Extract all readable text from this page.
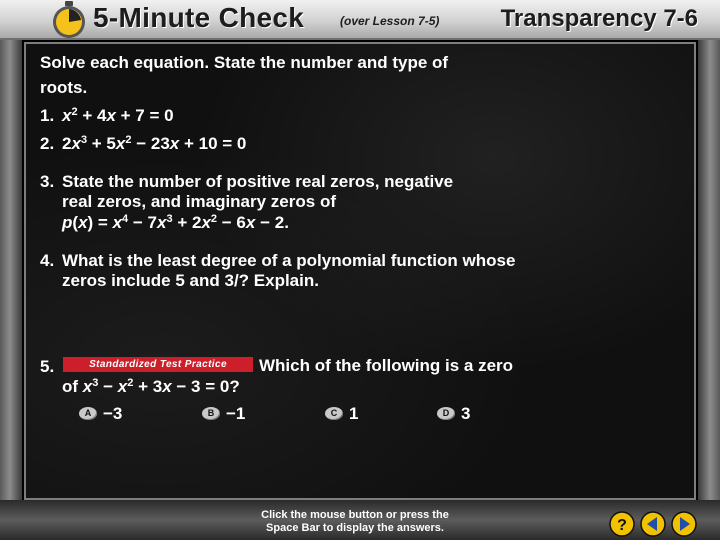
5-Minute Check	(over Lesson 7-5)	Transparency 7-6
Solve each equation. State the number and type of
roots.
1. $x^2 + 4x + 7 = 0$
2. $2x^3 + 5x^2 - 23x + 10 = 0$
3. State the number of positive real zeros, negative
real zeros, and imaginary zeros of
$p(x) = x^4 - 7x^3 + 2x^2 - 6x - 2$.
4. What is the least degree of a polynomial function whose
zeros include 5 and 3/? Explain.
5.	Standardized Test Practice	Which of the following is a zero
of $x^3 - x^2 + 3x - 3 = 0$?
A −3	B −1	C 1	D 3
Click the mouse button or press the
Space Bar to display the answers.	?
